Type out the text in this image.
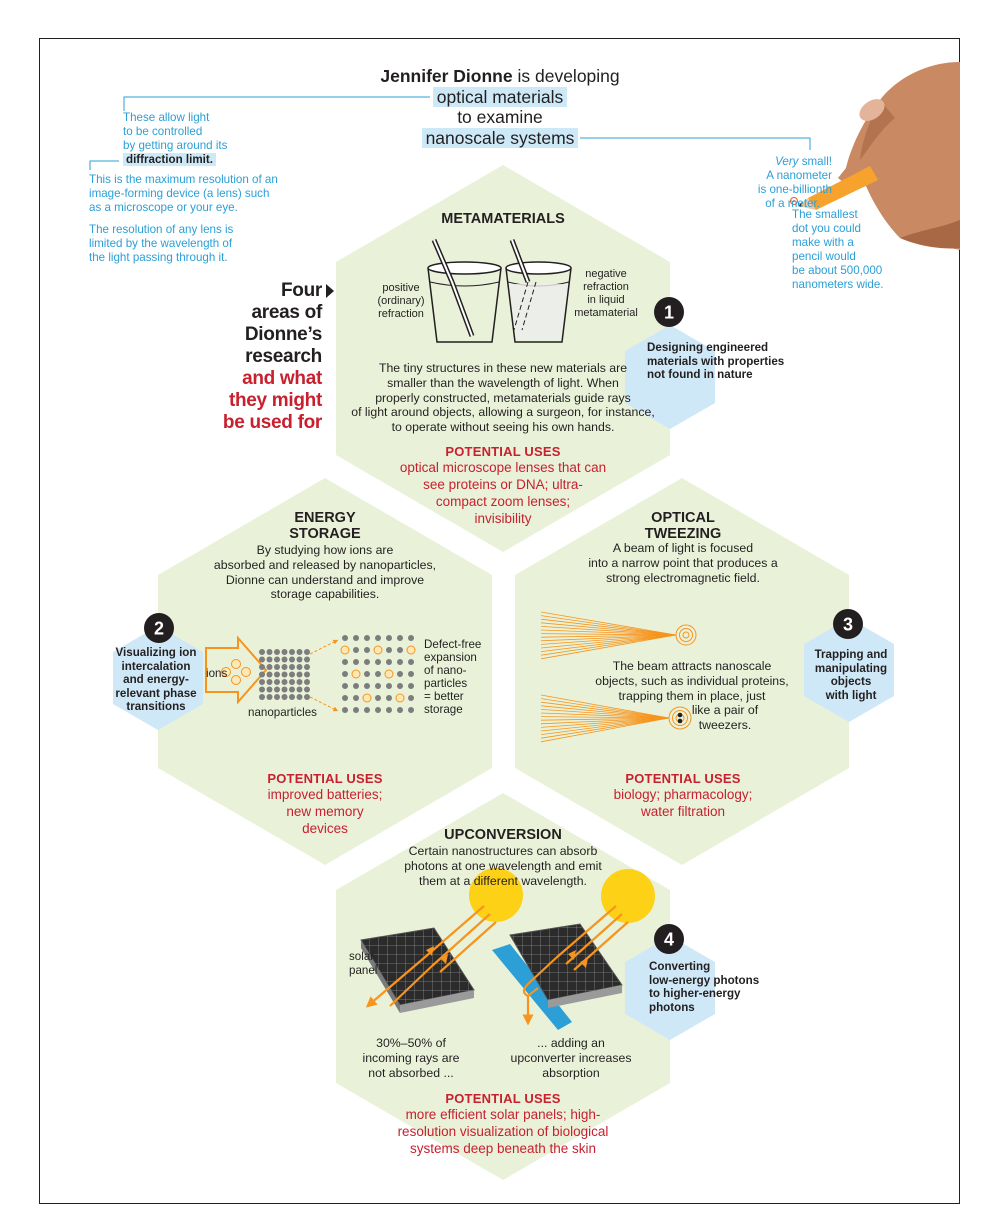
1
2	3
4
Jennifer Dionne is developing
optical materials
to examine
nanoscale systems
These allow light
to be controlled
by getting around its
diffraction limit.
This is the maximum resolution of an
image-forming device (a lens) such
as a microscope or your eye.
The resolution of any lens is
limited by the wavelength of
the light passing through it.
Very small!
A nanometer
is one-billionth
of a meter.
The smallest
dot you could
make with a
pencil would
be about 500,000
nanometers wide.
Four
areas of
Dionne’s
research
and what
they might
be used for
METAMATERIALS
positive
(ordinary)
refraction
negative
refraction
in liquid
metamaterial
The tiny structures in these new materials are
smaller than the wavelength of light. When
properly constructed, metamaterials guide rays
of light around objects, allowing a surgeon, for instance,
to operate without seeing his own hands.
POTENTIAL USES
optical microscope lenses that can
see proteins or DNA; ultra-
compact zoom lenses;
invisibility
Designing engineered
materials with properties
not found in nature
ENERGY
STORAGE
By studying how ions are
absorbed and released by nanoparticles,
Dionne can understand and improve
storage capabilities.
ions
nanoparticles
Defect-free
expansion
of nano-
particles
= better
storage
POTENTIAL USES
improved batteries;
new memory
devices
Visualizing ion
intercalation
and energy-
relevant phase
transitions
OPTICAL
TWEEZING
A beam of light is focused
into a narrow point that produces a
strong electromagnetic field.
The beam attracts nanoscale
objects, such as individual proteins,
trapping them in place, just
like a pair of
tweezers.
POTENTIAL USES
biology; pharmacology;
water filtration
Trapping and
manipulating
objects
with light
UPCONVERSION
Certain nanostructures can absorb
photons at one wavelength and emit
them at a different wavelength.
solar
panel
30%–50% of
incoming rays are
not absorbed ...
... adding an
upconverter increases
absorption
POTENTIAL USES
more efficient solar panels; high-
resolution visualization of biological
systems deep beneath the skin
Converting
low-energy photons
to higher-energy
photons
